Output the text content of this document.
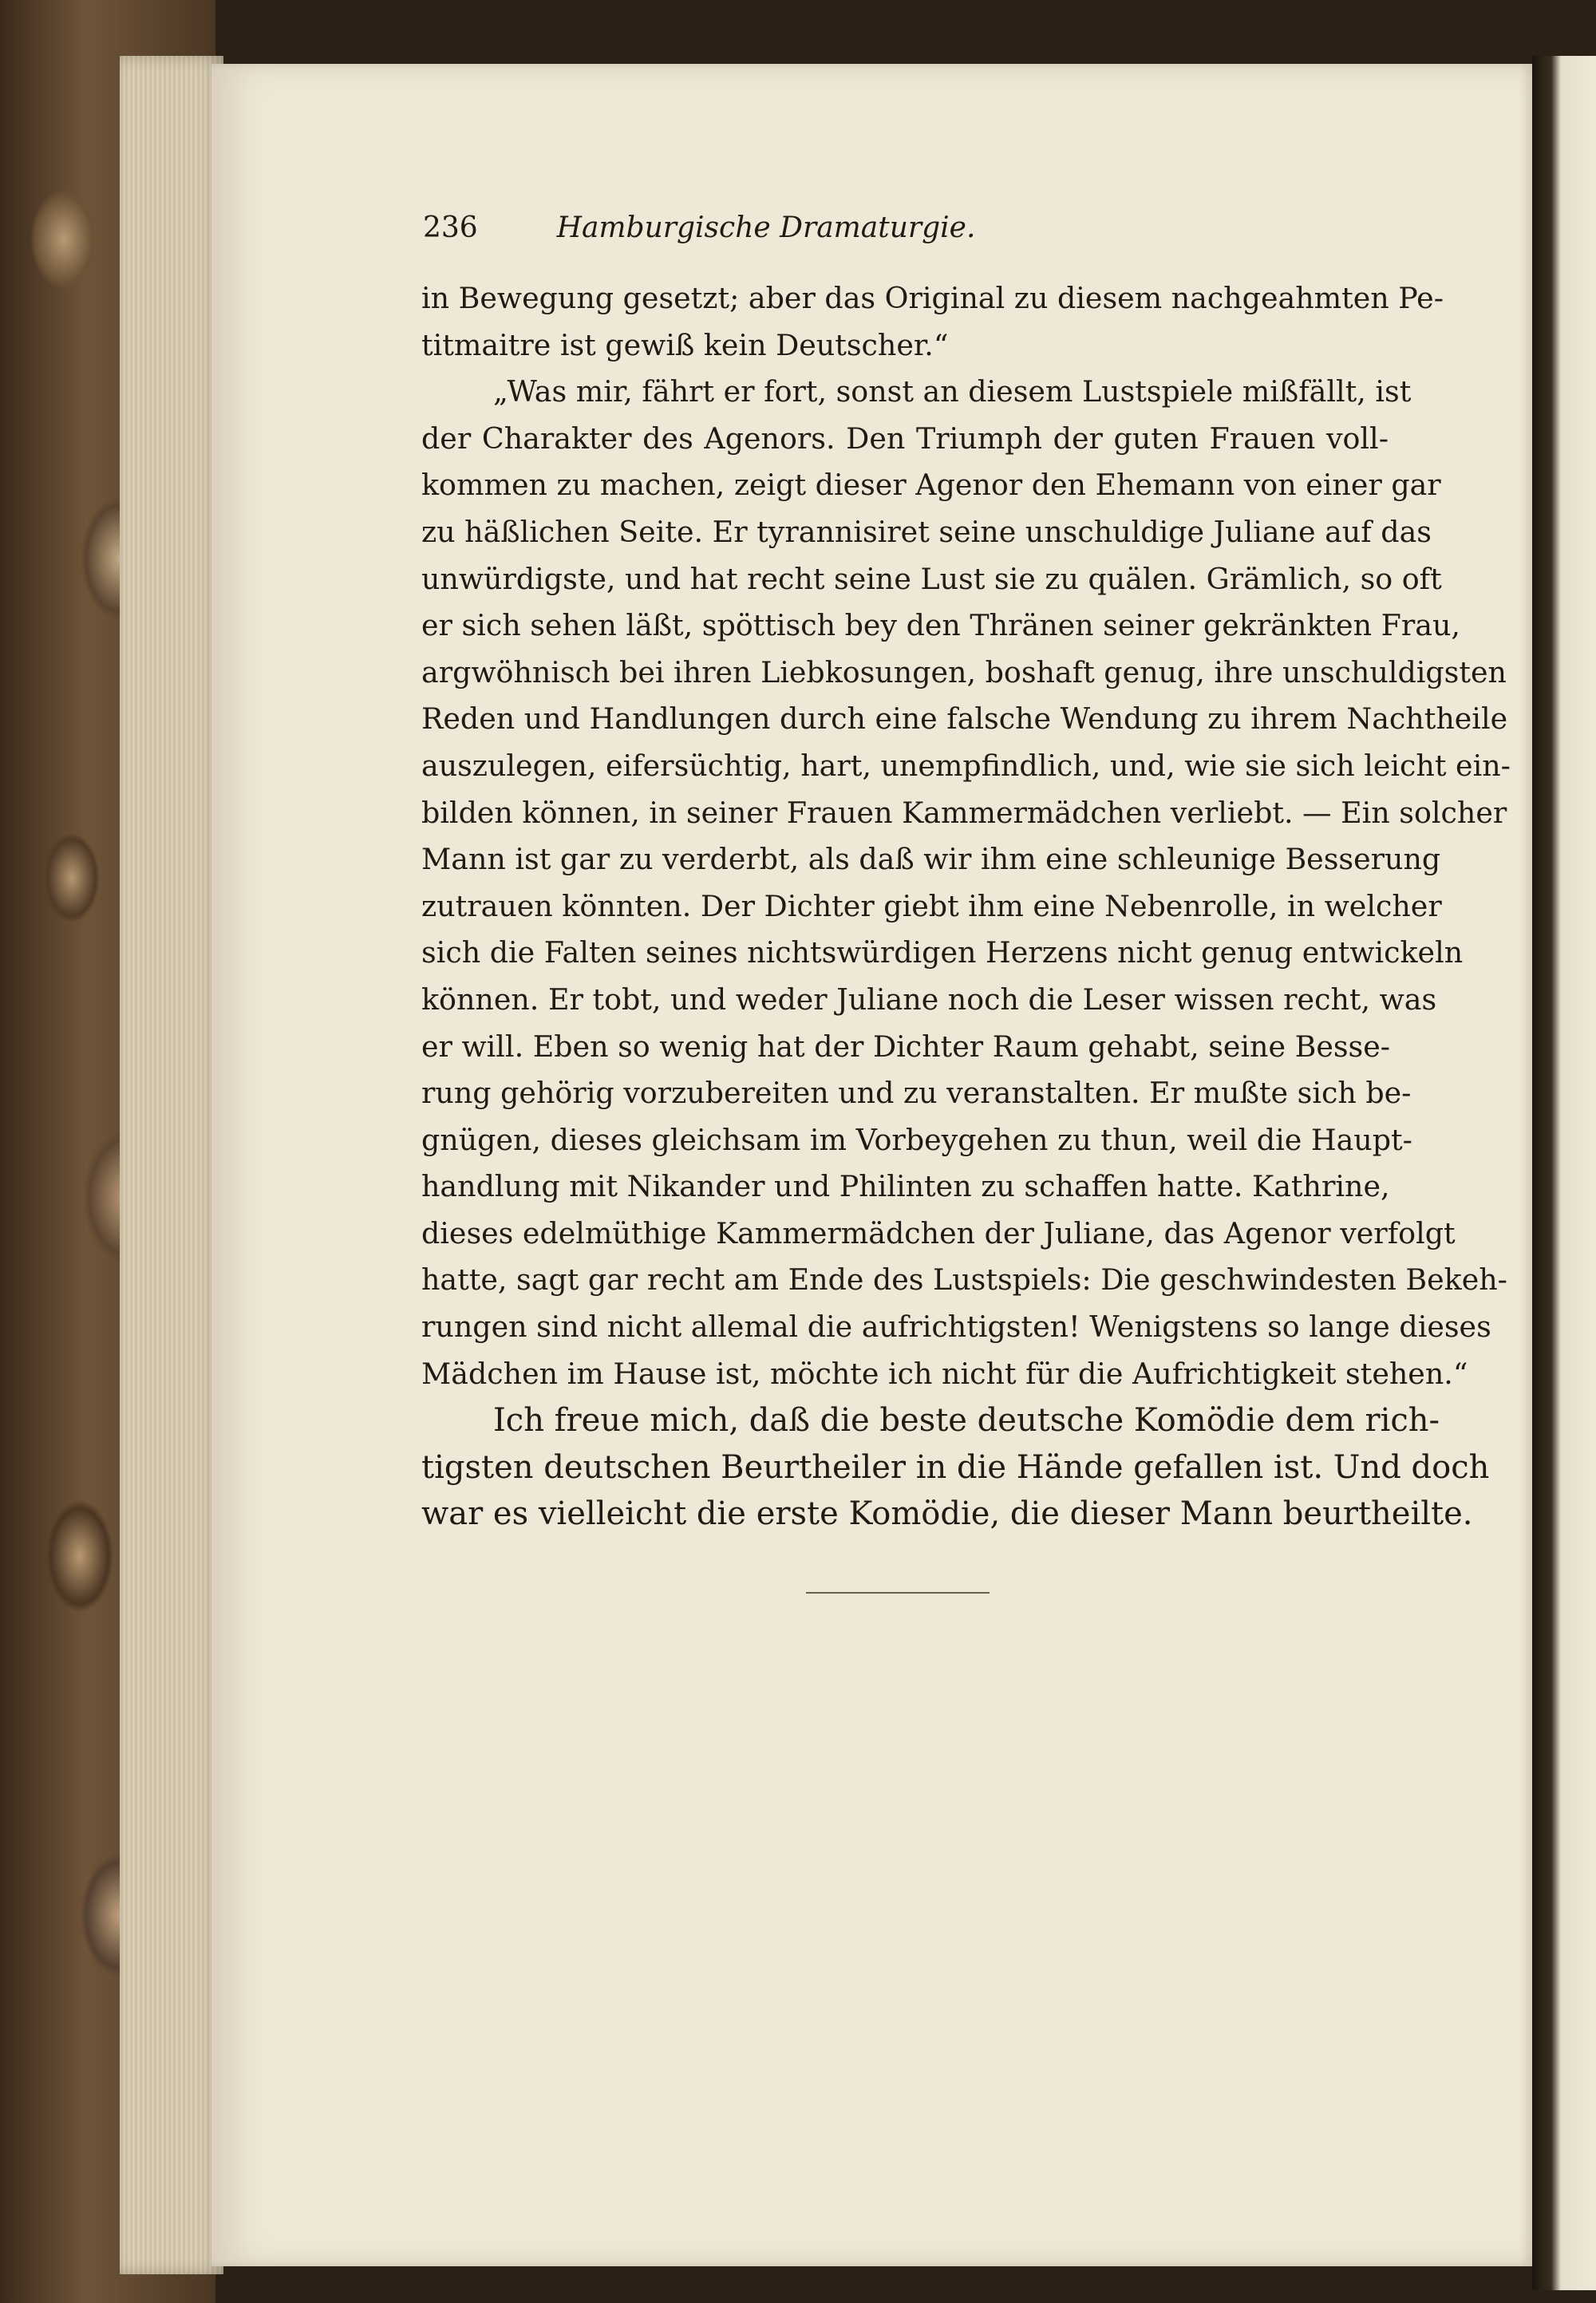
236	Hamburgische Dramaturgie.
in Bewegung gesetzt; aber das Original zu diesem nachgeahmten Pe-
titmaitre ist gewiß kein Deutscher.“
„Was mir, fährt er fort, sonst an diesem Lustspiele mißfällt, ist
der Charakter des Agenors. Den Triumph der guten Frauen voll-
kommen zu machen, zeigt dieser Agenor den Ehemann von einer gar
zu häßlichen Seite. Er tyrannisiret seine unschuldige Juliane auf das
unwürdigste, und hat recht seine Lust sie zu quälen. Grämlich, so oft
er sich sehen läßt, spöttisch bey den Thränen seiner gekränkten Frau,
argwöhnisch bei ihren Liebkosungen, boshaft genug, ihre unschuldigsten
Reden und Handlungen durch eine falsche Wendung zu ihrem Nachtheile
auszulegen, eifersüchtig, hart, unempfindlich, und, wie sie sich leicht ein-
bilden können, in seiner Frauen Kammermädchen verliebt. — Ein solcher
Mann ist gar zu verderbt, als daß wir ihm eine schleunige Besserung
zutrauen könnten. Der Dichter giebt ihm eine Nebenrolle, in welcher
sich die Falten seines nichtswürdigen Herzens nicht genug entwickeln
können. Er tobt, und weder Juliane noch die Leser wissen recht, was
er will. Eben so wenig hat der Dichter Raum gehabt, seine Besse-
rung gehörig vorzubereiten und zu veranstalten. Er mußte sich be-
gnügen, dieses gleichsam im Vorbeygehen zu thun, weil die Haupt-
handlung mit Nikander und Philinten zu schaffen hatte. Kathrine,
dieses edelmüthige Kammermädchen der Juliane, das Agenor verfolgt
hatte, sagt gar recht am Ende des Lustspiels: Die geschwindesten Bekeh-
rungen sind nicht allemal die aufrichtigsten! Wenigstens so lange dieses
Mädchen im Hause ist, möchte ich nicht für die Aufrichtigkeit stehen.“
Ich freue mich, daß die beste deutsche Komödie dem rich-
tigsten deutschen Beurtheiler in die Hände gefallen ist. Und doch
war es vielleicht die erste Komödie, die dieser Mann beurtheilte.
